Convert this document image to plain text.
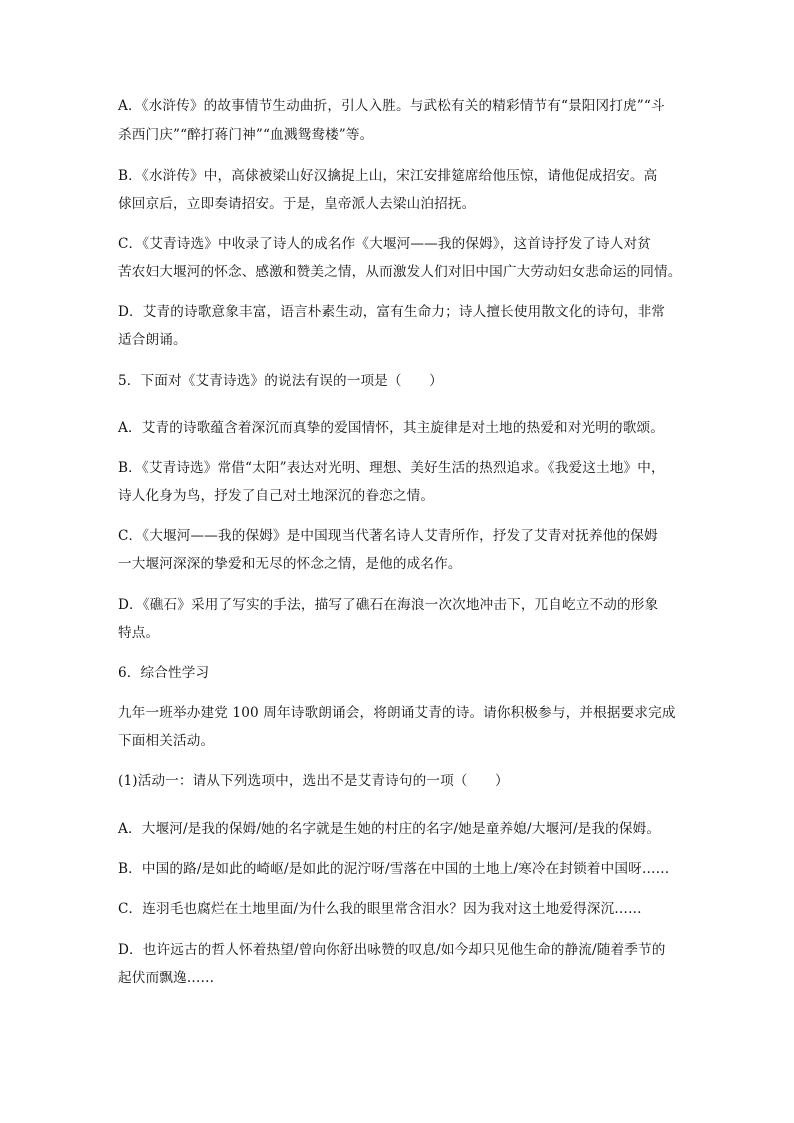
A．《水浒传》的故事情节生动曲折，引人入胜。与武松有关的精彩情节有“景阳冈打虎”“斗
杀西门庆”“醉打蒋门神”“血溅鸳鸯楼”等。
B．《水浒传》中，高俅被梁山好汉擒捉上山，宋江安排筵席给他压惊，请他促成招安。高
俅回京后，立即奏请招安。于是，皇帝派人去梁山泊招抚。
C．《艾青诗选》中收录了诗人的成名作《大堰河——我的保姆》，这首诗抒发了诗人对贫
苦农妇大堰河的怀念、感激和赞美之情，从而激发人们对旧中国广大劳动妇女悲命运的同情。
D．艾青的诗歌意象丰富，语言朴素生动，富有生命力；诗人擅长使用散文化的诗句，非常
适合朗诵。
5．下面对《艾青诗选》的说法有误的一项是（　　）
A．艾青的诗歌蕴含着深沉而真挚的爱国情怀，其主旋律是对土地的热爱和对光明的歌颂。
B．《艾青诗选》常借“太阳”表达对光明、理想、美好生活的热烈追求。《我爱这土地》中，
诗人化身为鸟，抒发了自己对土地深沉的眷恋之情。
C．《大堰河——我的保姆》是中国现当代著名诗人艾青所作，抒发了艾青对抚养他的保姆
一大堰河深深的挚爱和无尽的怀念之情，是他的成名作。
D．《礁石》采用了写实的手法，描写了礁石在海浪一次次地冲击下，兀自屹立不动的形象
特点。
6．综合性学习
九年一班举办建党 100 周年诗歌朗诵会，将朗诵艾青的诗。请你积极参与，并根据要求完成
下面相关活动。
(1)活动一：请从下列选项中，选出不是艾青诗句的一项（　　）
A．大堰河/是我的保姆/她的名字就是生她的村庄的名字/她是童养媳/大堰河/是我的保姆。
B．中国的路/是如此的崎岖/是如此的泥泞呀/雪落在中国的土地上/寒冷在封锁着中国呀……
C．连羽毛也腐烂在土地里面/为什么我的眼里常含泪水？因为我对这土地爱得深沉……
D．也许远古的哲人怀着热望/曾向你舒出咏赞的叹息/如今却只见他生命的静流/随着季节的
起伏而飘逸……
